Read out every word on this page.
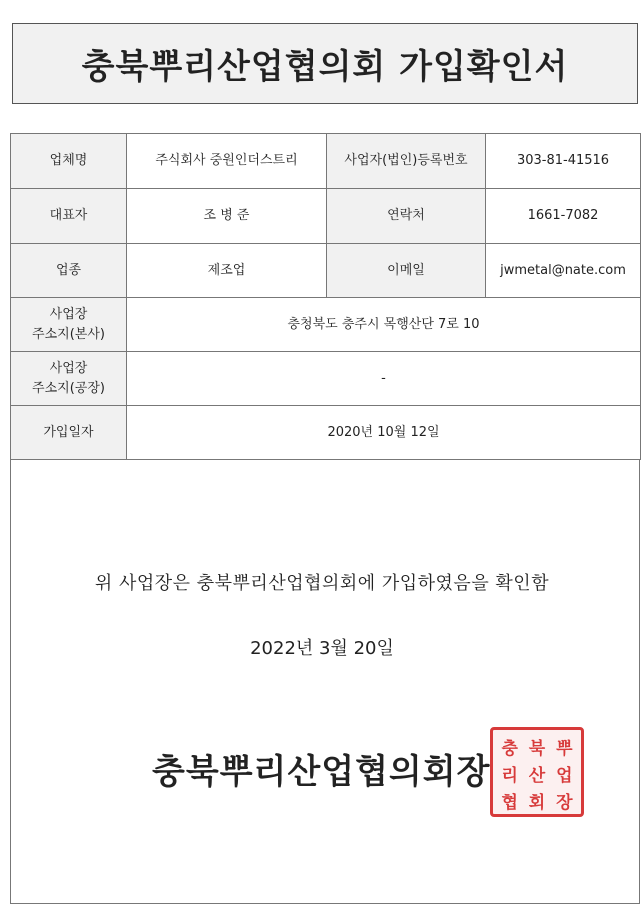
충북뿌리산업협의회 가입확인서
업체명	주식회사 중원인더스트리	사업자(법인)등록번호	303-81-41516
대표자	조 병 준	연락처	1661-7082
업종	제조업	이메일	jwmetal@nate.com

사업장
주소지(본사)	충청북도 충주시 목행산단 7로 10		

사업장
주소지(공장)	-		
가입일자	2020년 10월 12일		
위 사업장은 충북뿌리산업협의회에 가입하였음을 확인함
2022년 3월 20일
충북뿌리산업협의회장
충 북 뿌
리 산 업
협 회 장
